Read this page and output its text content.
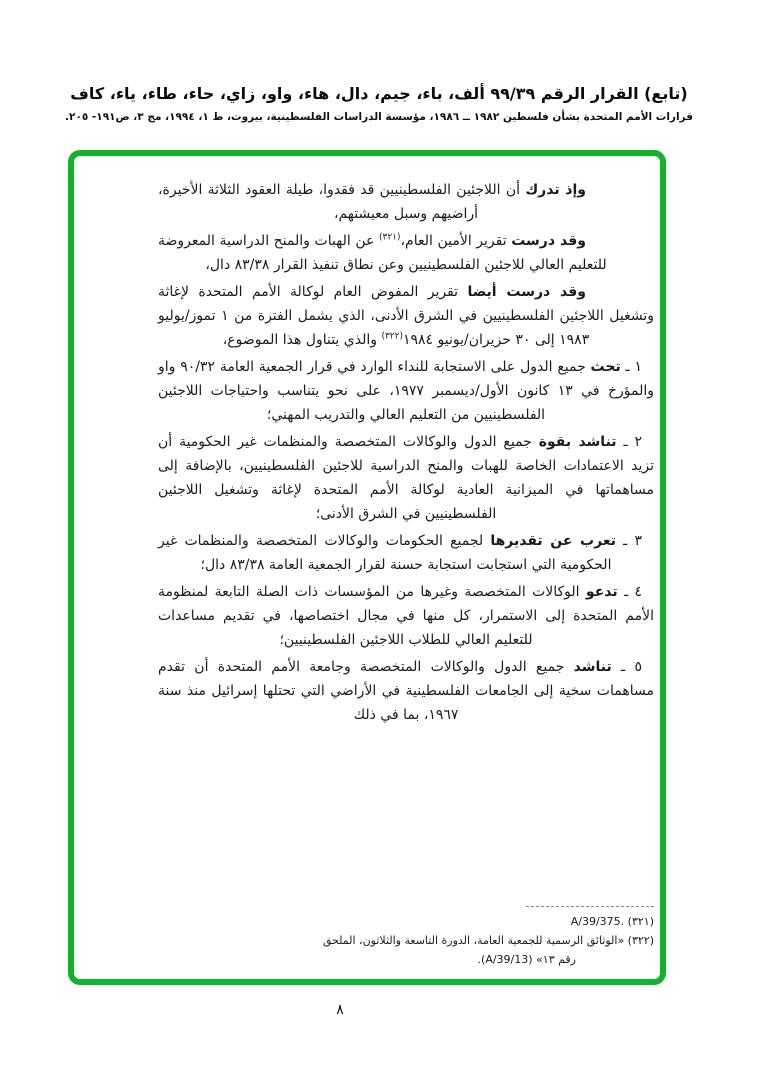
(تابع) القرار الرقم ٩٩/٣٩ ألف، باء، جيم، دال، هاء، واو، زاي، حاء، طاء، ياء، كاف
قرارات الأمم المتحدة بشأن فلسطين ١٩٨٢ ــ ١٩٨٦، مؤسسة الدراسات الفلسطينية، بيروت، ط ١، ١٩٩٤، مج ٣، ص١٩١- ٢٠٥.

وإذ تدرك أن اللاجئين الفلسطينيين قد فقدوا، طيلة العقود الثلاثة الأخيرة، أراضيهم وسبل معيشتهم،

وقد درست تقرير الأمين العام،$^{(٣٢١)}$ عن الهبات والمنح الدراسية المعروضة للتعليم العالي للاجئين الفلسطينيين وعن نطاق تنفيذ القرار ٨٣/٣٨ دال،

وقد درست أيضا تقرير المفوض العام لوكالة الأمم المتحدة لإغاثة وتشغيل اللاجئين الفلسطينيين في الشرق الأدنى، الذي يشمل الفترة من ١ تموز/يوليو ١٩٨٣ إلى ٣٠ حزيران/يونيو ١٩٨٤$^{(٣٢٢)}$ والذي يتناول هذا الموضوع،

١ ـ تحث جميع الدول على الاستجابة للنداء الوارد في قرار الجمعية العامة ٩٠/٣٢ واو والمؤرخ في ١٣ كانون الأول/ديسمبر ١٩٧٧، على نحو يتناسب واحتياجات اللاجئين الفلسطينيين من التعليم العالي والتدريب المهني؛

٢ ـ تناشد بقوة جميع الدول والوكالات المتخصصة والمنظمات غير الحكومية أن تزيد الاعتمادات الخاصة للهبات والمنح الدراسية للاجئين الفلسطينيين، بالإضافة إلى مساهماتها في الميزانية العادية لوكالة الأمم المتحدة لإغاثة وتشغيل اللاجئين الفلسطينيين في الشرق الأدنى؛

٣ ـ تعرب عن تقديرها لجميع الحكومات والوكالات المتخصصة والمنظمات غير الحكومية التي استجابت استجابة حسنة لقرار الجمعية العامة ٨٣/٣٨ دال؛

٤ ـ تدعو الوكالات المتخصصة وغيرها من المؤسسات ذات الصلة التابعة لمنظومة الأمم المتحدة إلى الاستمرار، كل منها في مجال اختصاصها، في تقديم مساعدات للتعليم العالي للطلاب اللاجئين الفلسطينيين؛

٥ ـ تناشد جميع الدول والوكالات المتخصصة وجامعة الأمم المتحدة أن تقدم مساهمات سخية إلى الجامعات الفلسطينية في الأراضي التي تحتلها إسرائيل منذ سنة ١٩٦٧، بما في ذلك

(٣٢١) A/39/375.
(٣٢٢) «الوثائق الرسمية للجمعية العامة، الدورة التاسعة والثلاثون، الملحق
رقم ١٣» (A/39/13).
٨
